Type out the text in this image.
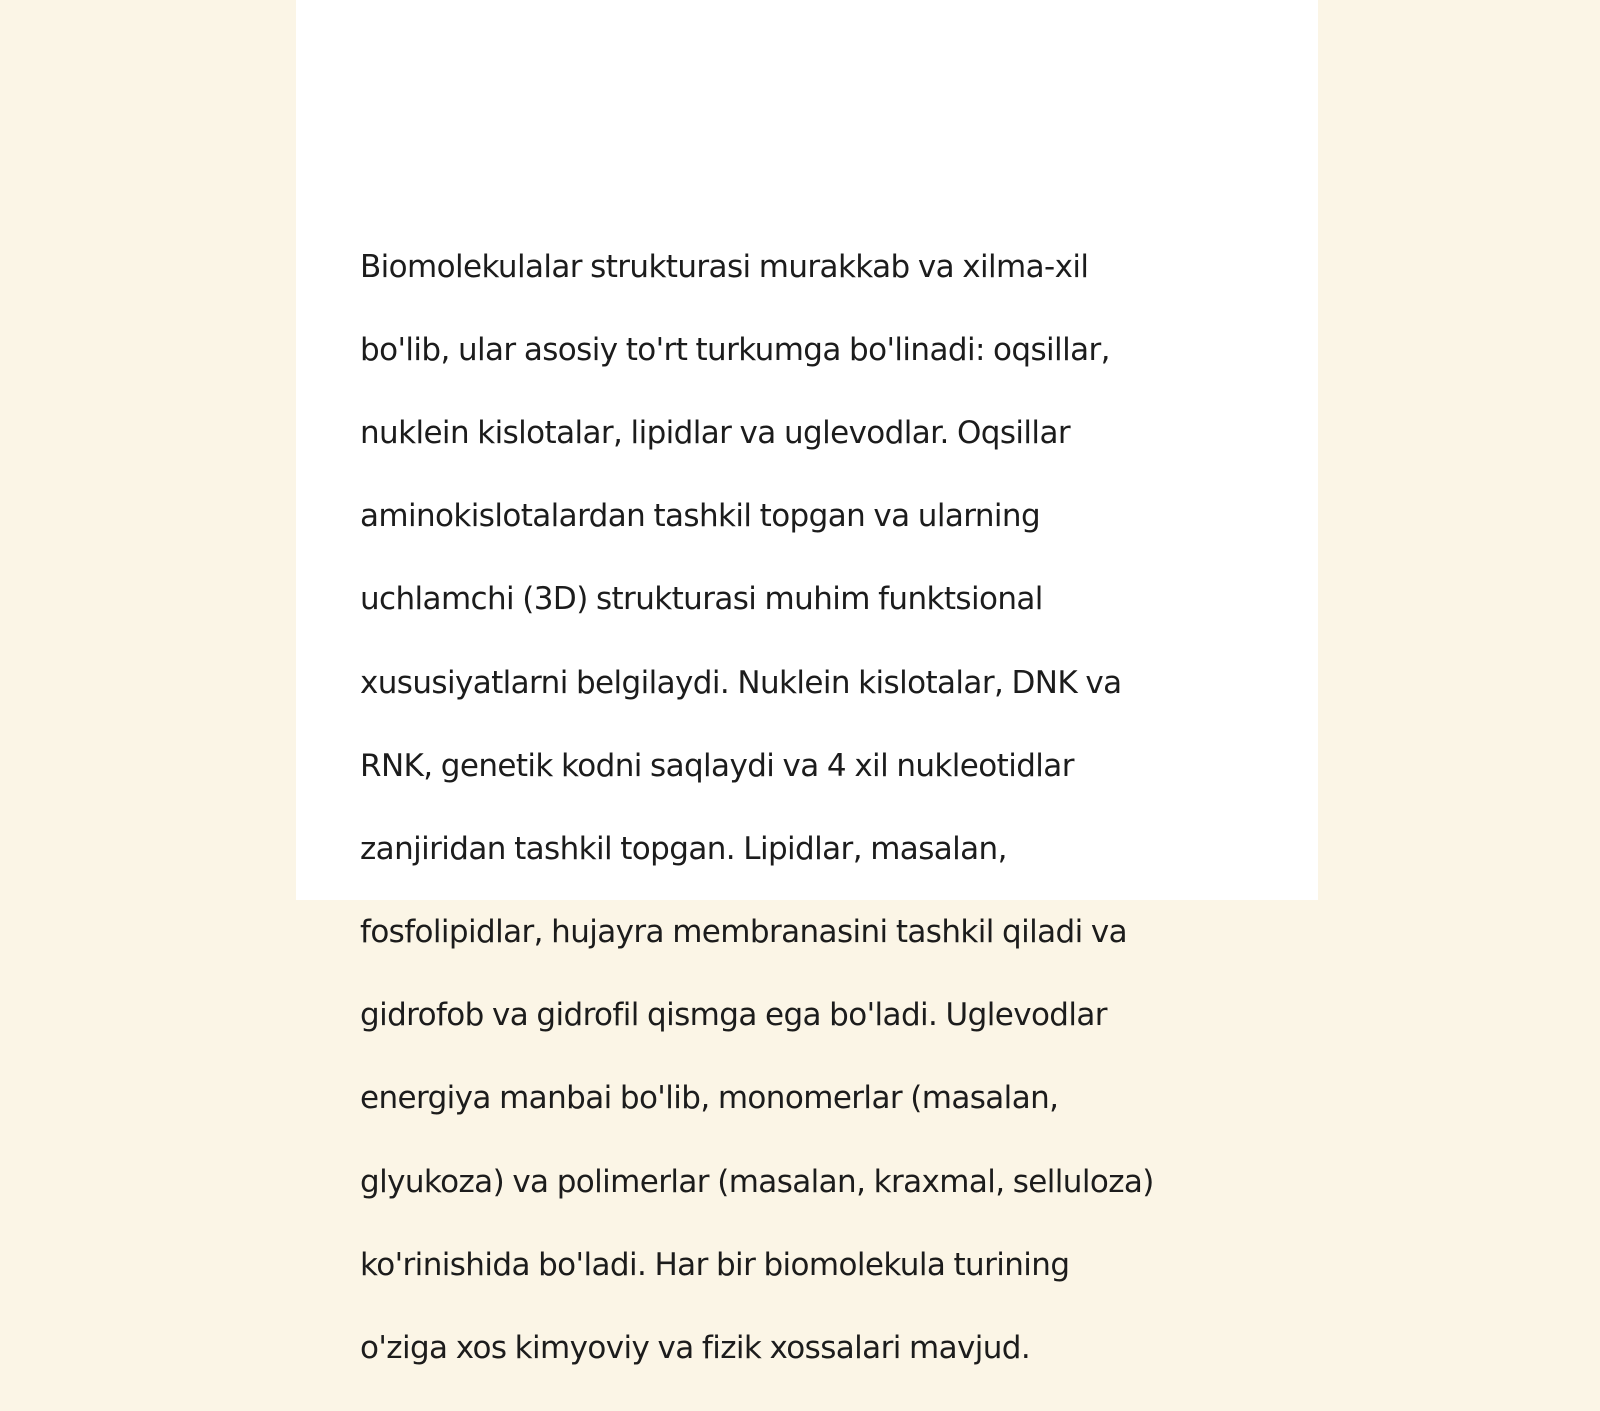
Biomolekulalar strukturasi murakkab va xilma-xil

bo'lib, ular asosiy to'rt turkumga bo'linadi: oqsillar,

nuklein kislotalar, lipidlar va uglevodlar. Oqsillar

aminokislotalardan tashkil topgan va ularning

uchlamchi (3D) strukturasi muhim funktsional

xususiyatlarni belgilaydi. Nuklein kislotalar, DNK va

RNK, genetik kodni saqlaydi va 4 xil nukleotidlar

zanjiridan tashkil topgan. Lipidlar, masalan,

fosfolipidlar, hujayra membranasini tashkil qiladi va

gidrofob va gidrofil qismga ega bo'ladi. Uglevodlar

energiya manbai bo'lib, monomerlar (masalan,

glyukoza) va polimerlar (masalan, kraxmal, selluloza)

ko'rinishida bo'ladi. Har bir biomolekula turining

o'ziga xos kimyoviy va fizik xossalari mavjud.
